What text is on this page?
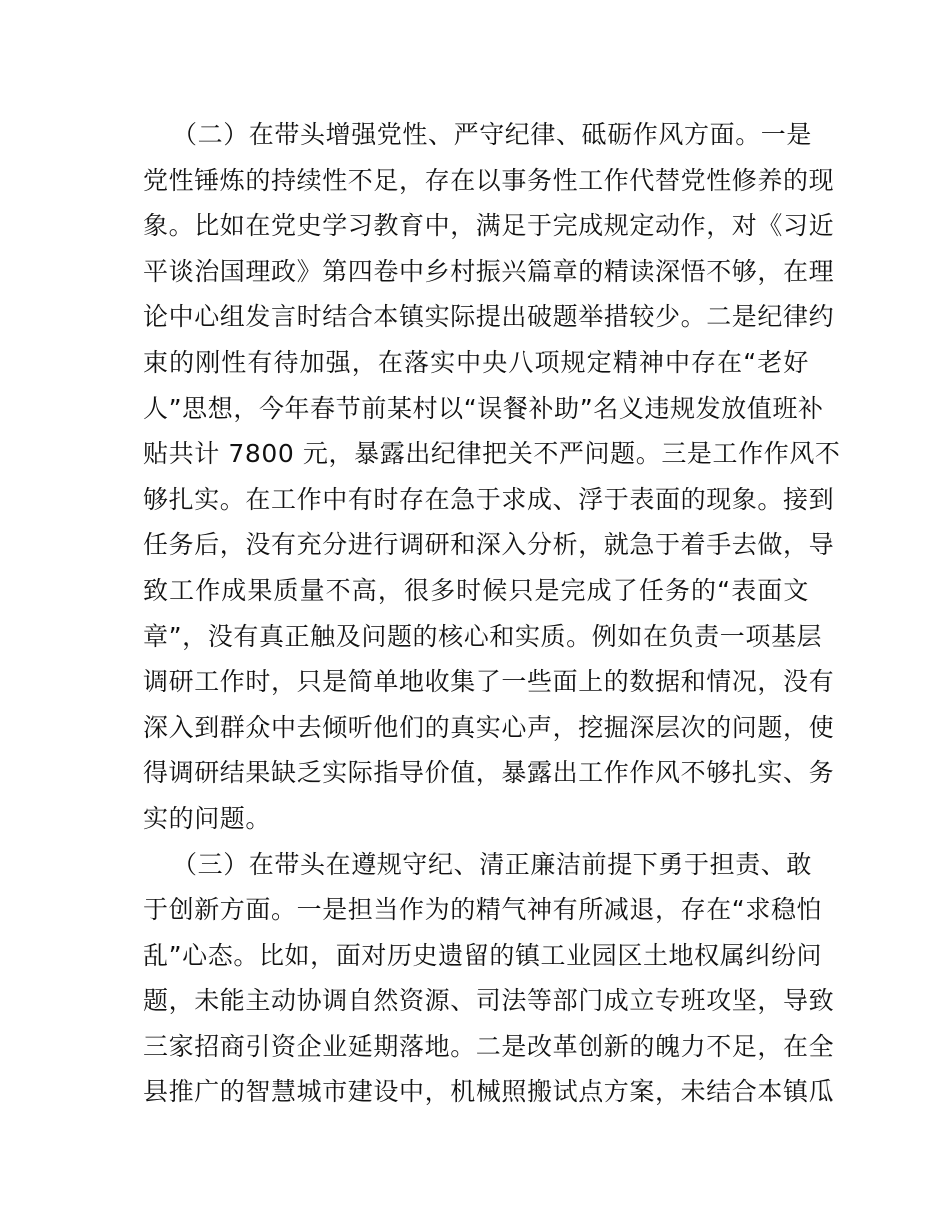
（二）在带头增强党性、严守纪律、砥砺作风方面。一是
党性锤炼的持续性不足，存在以事务性工作代替党性修养的现
象。比如在党史学习教育中，满足于完成规定动作，对《习近
平谈治国理政》第四卷中乡村振兴篇章的精读深悟不够，在理
论中心组发言时结合本镇实际提出破题举措较少。二是纪律约
束的刚性有待加强，在落实中央八项规定精神中存在“老好
人”思想，今年春节前某村以“误餐补助”名义违规发放值班补
贴共计 7800 元，暴露出纪律把关不严问题。三是工作作风不
够扎实。在工作中有时存在急于求成、浮于表面的现象。接到
任务后，没有充分进行调研和深入分析，就急于着手去做，导
致工作成果质量不高，很多时候只是完成了任务的“表面文
章”，没有真正触及问题的核心和实质。例如在负责一项基层
调研工作时，只是简单地收集了一些面上的数据和情况，没有
深入到群众中去倾听他们的真实心声，挖掘深层次的问题，使
得调研结果缺乏实际指导价值，暴露出工作作风不够扎实、务
实的问题。
（三）在带头在遵规守纪、清正廉洁前提下勇于担责、敢
于创新方面。一是担当作为的精气神有所减退，存在“求稳怕
乱”心态。比如，面对历史遗留的镇工业园区土地权属纠纷问
题，未能主动协调自然资源、司法等部门成立专班攻坚，导致
三家招商引资企业延期落地。二是改革创新的魄力不足，在全
县推广的智慧城市建设中，机械照搬试点方案，未结合本镇瓜
